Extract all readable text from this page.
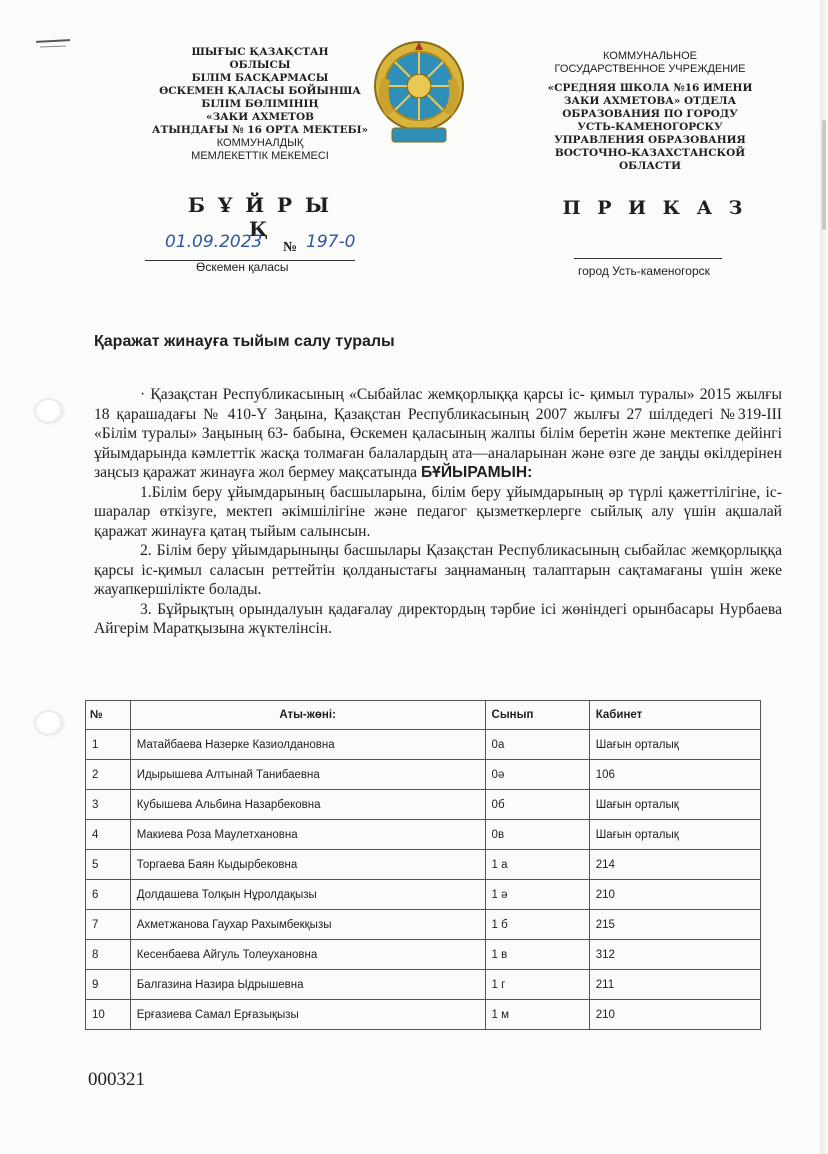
ШЫҒЫС ҚАЗАҚСТАН
ОБЛЫСЫ
БІЛІМ БАСҚАРМАСЫ
ӨСКЕМЕН ҚАЛАСЫ БОЙЫНША
БІЛІМ БӨЛІМІНІҢ
«ЗАКИ АХМЕТОВ
АТЫНДАҒЫ № 16 ОРТА МЕКТЕБІ»
КОММУНАЛДЫҚ
МЕМЛЕКЕТТІК МЕКЕМЕСІ
КОММУНАЛЬНОЕ
ГОСУДАРСТВЕННОЕ УЧРЕЖДЕНИЕ
«СРЕДНЯЯ ШКОЛА №16 ИМЕНИ
ЗАКИ АХМЕТОВА» ОТДЕЛА
ОБРАЗОВАНИЯ ПО ГОРОДУ
УСТЬ-КАМЕНОГОРСКУ
УПРАВЛЕНИЯ ОБРАЗОВАНИЯ
ВОСТОЧНО-КАЗАХСТАНСКОЙ
ОБЛАСТИ
Б Ұ Й Р Ы Қ
П Р И К А З
01.09.2023 № 197-0
Өскемен қаласы	город Усть-каменогорск
Қаражат жинауға тыйым салу туралы

· Қазақстан Республикасының «Сыбайлас жемқорлыққа қарсы іс- қимыл туралы» 2015 жылғы 18 қарашадағы № 410-Ү Заңына, Қазақстан Республикасының 2007 жылғы 27 шілдедегі №319-ІІІ «Білім туралы» Заңының 63- бабына, Өскемен қаласының жалпы білім беретін және мектепке дейінгі ұйымдарында кәмлеттік жасқа толмаған балалардың ата—аналарынан және өзге де заңды өкілдерінен заңсыз қаражат жинауға жол бермеу мақсатында БҰЙЫРАМЫН:

1.Білім беру ұйымдарының басшыларына, білім беру ұйымдарының әр түрлі қажеттілігіне, іс-шаралар өткізуге, мектеп әкімшілігіне және педагог қызметкерлерге сыйлық алу үшін ақшалай қаражат жинауға қатаң тыйым салынсын.

2. Білім беру ұйымдарыныңы басшылары Қазақстан Республикасының сыбайлас жемқорлыққа қарсы іс-қимыл саласын реттейтін қолданыстағы заңнаманың талаптарын сақтамағаны үшін жеке жауапкершілікте болады.

3. Бұйрықтың орындалуын қадағалау директордың тәрбие ісі жөніндегі орынбасары Нурбаева Айгерім Маратқызына жүктелінсін.

№	Аты-жөні:	Сынып	Кабинет
1	Матайбаева Назерке Казиолдановна	0а	Шағын орталық
2	Идырышева Алтынай Танибаевна	0ә	106
3	Кубышева Альбина Назарбековна	0б	Шағын орталық
4	Макиева Роза Маулетхановна	0в	Шағын орталық
5	Торгаева Баян Кыдырбековна	1 а	214
6	Долдашева Толқын Нұролдақызы	1 ә	210
7	Ахметжанова Гаухар Рахымбекқызы	1 б	215
8	Кесенбаева Айгуль Толеухановна	1 в	312
9	Балгазина Назира Ыдрышевна	1 г	211
10	Ерғазиева Самал Ерғазықызы	1 м	210
000321
